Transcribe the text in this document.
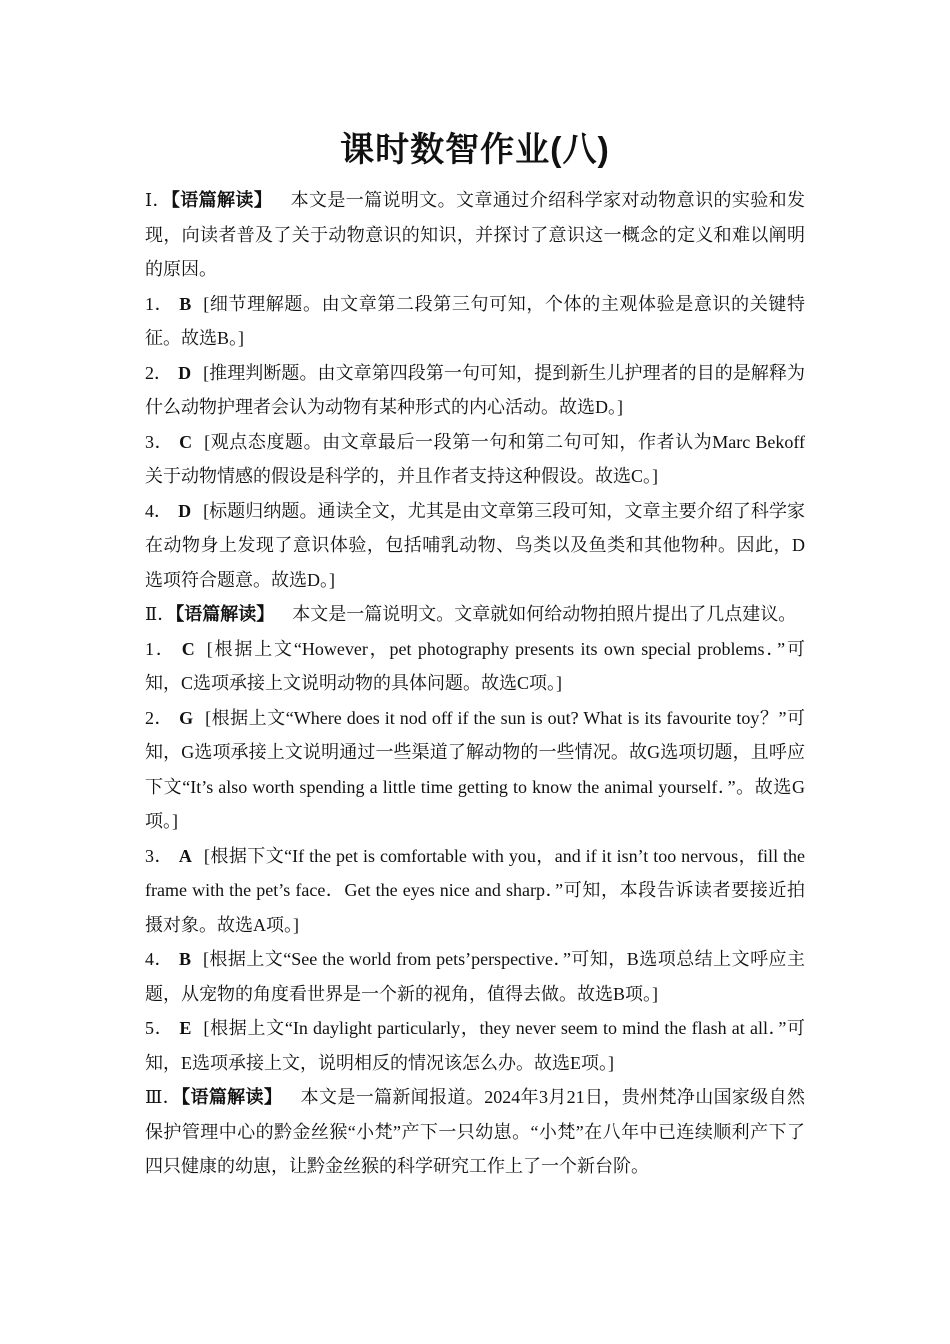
课时数智作业(八)

Ⅰ．【语篇解读】  本文是一篇说明文。文章通过介绍科学家对动物意识的实验和发现，向读者普及了关于动物意识的知识，并探讨了意识这一概念的定义和难以阐明的原因。

1． B [细节理解题。由文章第二段第三句可知，个体的主观体验是意识的关键特征。故选B。]

2． D [推理判断题。由文章第四段第一句可知，提到新生儿护理者的目的是解释为什么动物护理者会认为动物有某种形式的内心活动。故选D。]

3． C [观点态度题。由文章最后一段第一句和第二句可知，作者认为Marc Bekoff关于动物情感的假设是科学的，并且作者支持这种假设。故选C。]

4． D [标题归纳题。通读全文，尤其是由文章第三段可知，文章主要介绍了科学家在动物身上发现了意识体验，包括哺乳动物、鸟类以及鱼类和其他物种。因此，D选项符合题意。故选D。]

Ⅱ．【语篇解读】  本文是一篇说明文。文章就如何给动物拍照片提出了几点建议。

1． C [根据上文“However，pet photography presents its own special problems．”可知，C选项承接上文说明动物的具体问题。故选C项。]

2． G [根据上文“Where does it nod off if the sun is out? What is its favourite toy？”可知，G选项承接上文说明通过一些渠道了解动物的一些情况。故G选项切题，且呼应下文“It’s also worth spending a little time getting to know the animal yourself．”。故选G项。]

3． A [根据下文“If the pet is comfortable with you，and if it isn’t too nervous，fill the frame with the pet’s face．Get the eyes nice and sharp．”可知，本段告诉读者要接近拍摄对象。故选A项。]

4． B [根据上文“See the world from pets’perspective．”可知，B选项总结上文呼应主题，从宠物的角度看世界是一个新的视角，值得去做。故选B项。]

5． E [根据上文“In daylight particularly，they never seem to mind the flash at all．”可知，E选项承接上文，说明相反的情况该怎么办。故选E项。]

Ⅲ．【语篇解读】  本文是一篇新闻报道。2024年3月21日，贵州梵净山国家级自然保护管理中心的黔金丝猴“小梵”产下一只幼崽。“小梵”在八年中已连续顺利产下了四只健康的幼崽，让黔金丝猴的科学研究工作上了一个新台阶。
